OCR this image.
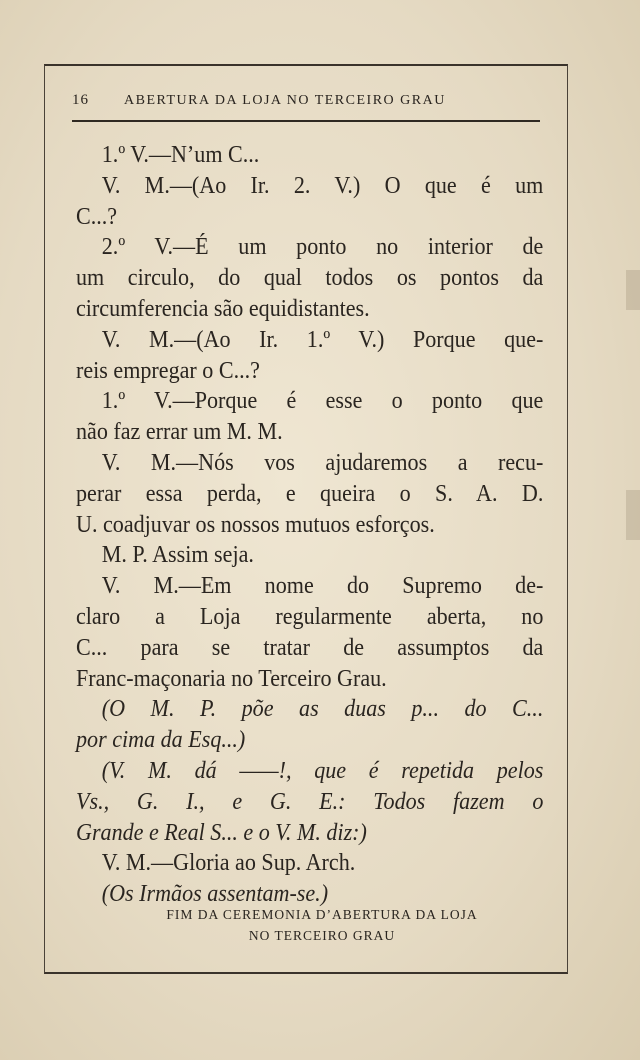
16	ABERTURA DA LOJA NO TERCEIRO GRAU
1.º V.—N’um C...
V. M.—(Ao Ir. 2. V.) O que é um
C...?
2.º V.—É um ponto no interior de
um circulo, do qual todos os pontos da
circumferencia são equidistantes.
V. M.—(Ao Ir. 1.º V.) Porque que-
reis empregar o C...?
1.º V.—Porque é esse o ponto que
não faz errar um M. M.
V. M.—Nós vos ajudaremos a recu-
perar essa perda, e queira o S. A. D.
U. coadjuvar os nossos mutuos esforços.
M. P. Assim seja.
V. M.—Em nome do Supremo de-
claro a Loja regularmente aberta, no
C... para se tratar de assumptos da
Franc-maçonaria no Terceiro Grau.
(O M. P. põe as duas p... do C...
por cima da Esq...)
(V. M. dá ——!, que é repetida pelos
Vs., G. I., e G. E.: Todos fazem o
Grande e Real S... e o V. M. diz:)
V. M.—Gloria ao Sup. Arch.
(Os Irmãos assentam-se.)
FIM DA CEREMONIA D’ABERTURA DA LOJA
NO TERCEIRO GRAU
